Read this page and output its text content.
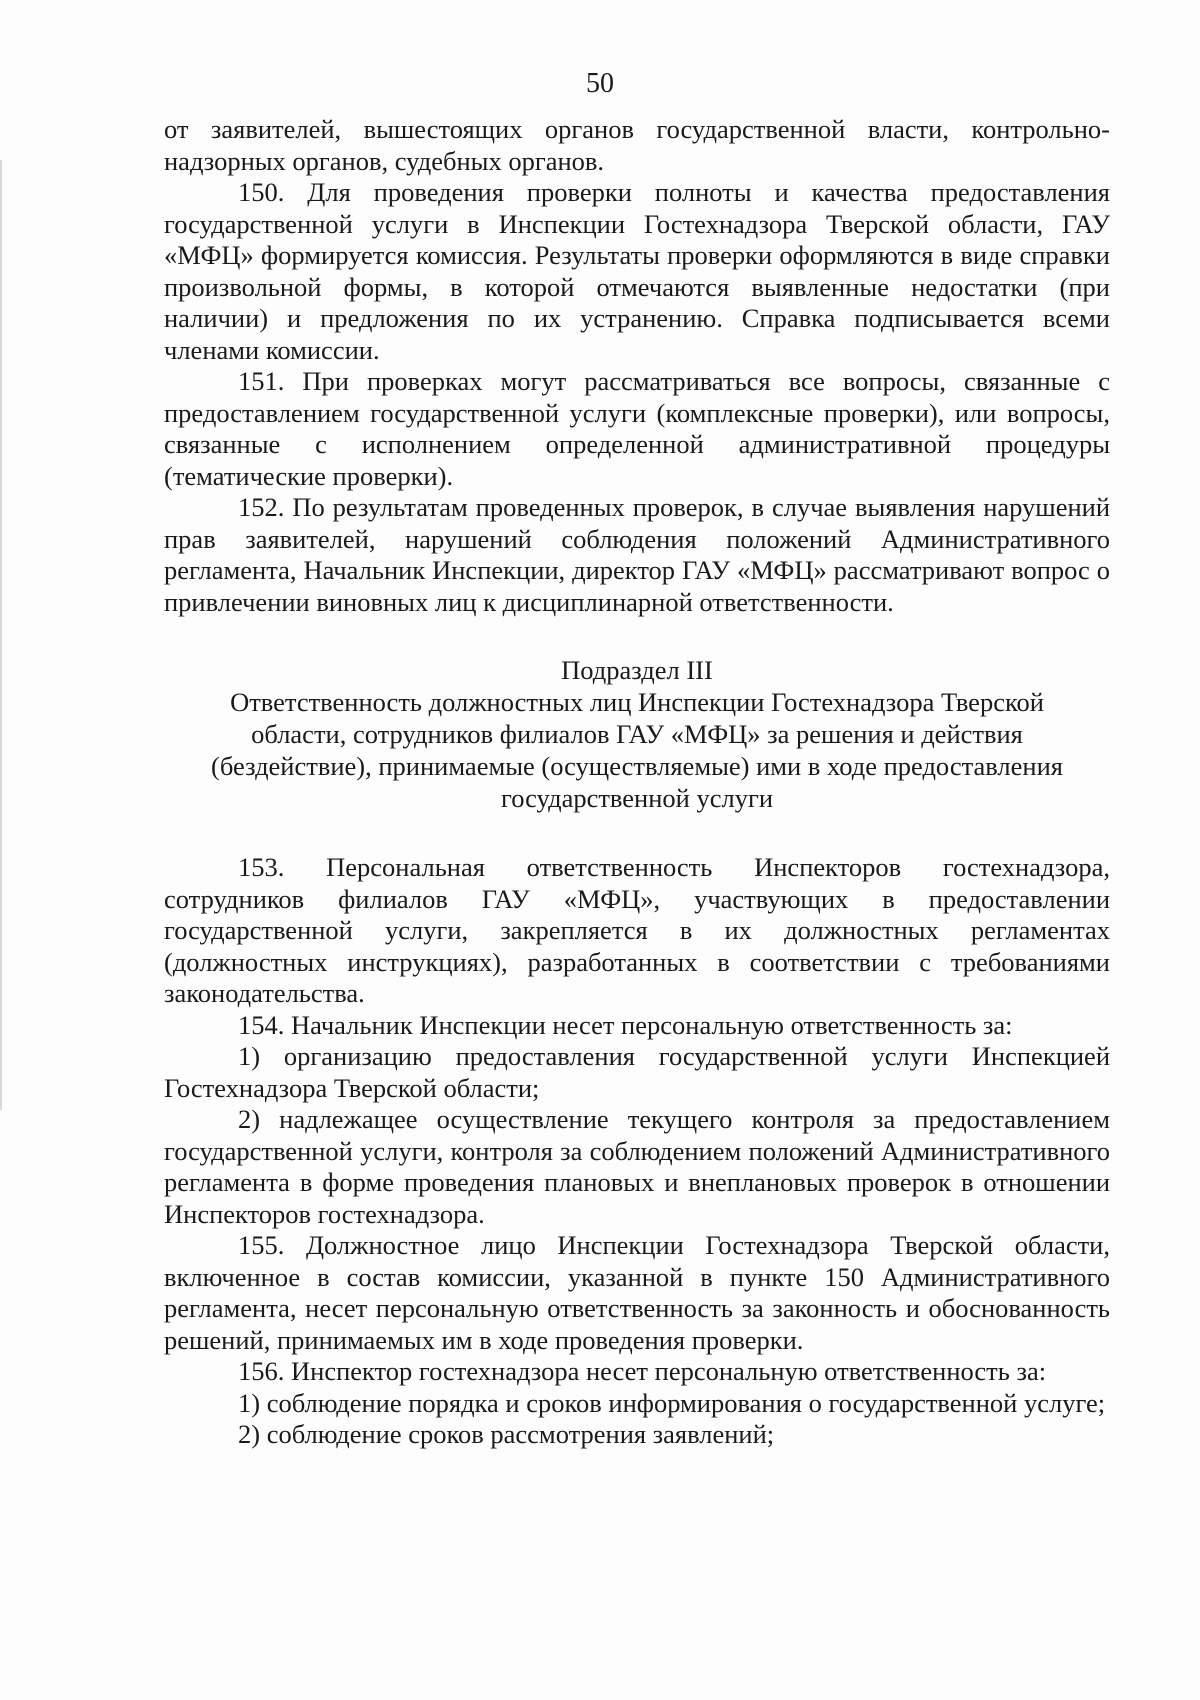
50

от заявителей, вышестоящих органов государственной власти, контрольно-надзорных органов, судебных органов.

150. Для проведения проверки полноты и качества предоставления государственной услуги в Инспекции Гостехнадзора Тверской области, ГАУ «МФЦ» формируется комиссия. Результаты проверки оформляются в виде справки произвольной формы, в которой отмечаются выявленные недостатки (при наличии) и предложения по их устранению. Справка подписывается всеми членами комиссии.

151. При проверках могут рассматриваться все вопросы, связанные с предоставлением государственной услуги (комплексные проверки), или вопросы, связанные с исполнением определенной административной процедуры (тематические проверки).

152. По результатам проведенных проверок, в случае выявления нарушений прав заявителей, нарушений соблюдения положений Административного регламента, Начальник Инспекции, директор ГАУ «МФЦ» рассматривают вопрос о привлечении виновных лиц к дисциплинарной ответственности.

Подраздел III
Ответственность должностных лиц Инспекции Гостехнадзора Тверской
области, сотрудников филиалов ГАУ «МФЦ» за решения и действия
(бездействие), принимаемые (осуществляемые) ими в ходе предоставления
государственной услуги

153. Персональная ответственность Инспекторов гостехнадзора, сотрудников филиалов ГАУ «МФЦ», участвующих в предоставлении государственной услуги, закрепляется в их должностных регламентах (должностных инструкциях), разработанных в соответствии с требованиями законодательства.

154. Начальник Инспекции несет персональную ответственность за:

1) организацию предоставления государственной услуги Инспекцией Гостехнадзора Тверской области;

2) надлежащее осуществление текущего контроля за предоставлением государственной услуги, контроля за соблюдением положений Административного регламента в форме проведения плановых и внеплановых проверок в отношении Инспекторов гостехнадзора.

155. Должностное лицо Инспекции Гостехнадзора Тверской области, включенное в состав комиссии, указанной в пункте 150 Административного регламента, несет персональную ответственность за законность и обоснованность решений, принимаемых им в ходе проведения проверки.

156. Инспектор гостехнадзора несет персональную ответственность за:

1) соблюдение порядка и сроков информирования о государственной услуге;

2) соблюдение сроков рассмотрения заявлений;
